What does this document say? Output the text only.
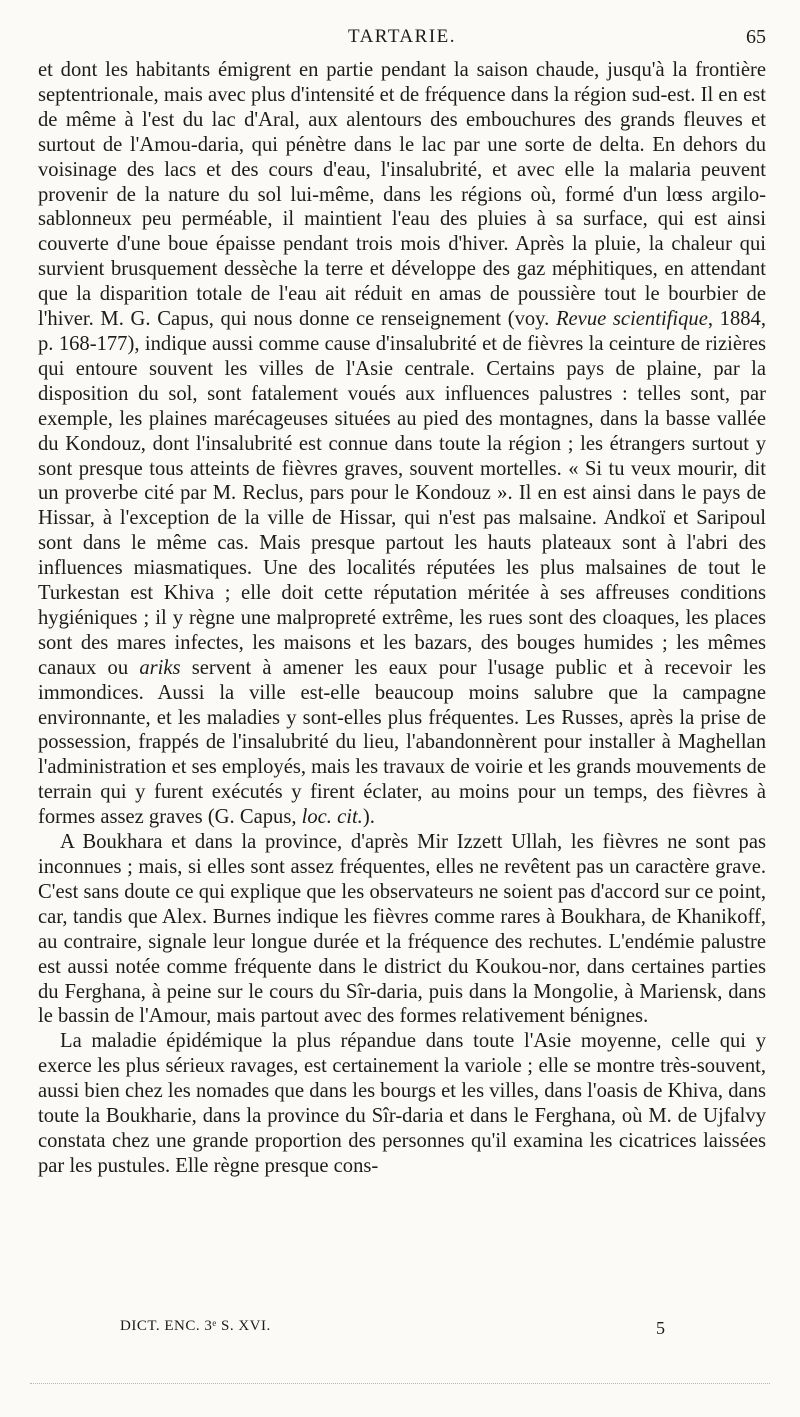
TARTARIE.	65

et dont les habitants émigrent en partie pendant la saison chaude, jusqu'à la frontière septentrionale, mais avec plus d'intensité et de fréquence dans la région sud-est. Il en est de même à l'est du lac d'Aral, aux alentours des embouchures des grands fleuves et surtout de l'Amou-daria, qui pénètre dans le lac par une sorte de delta. En dehors du voisinage des lacs et des cours d'eau, l'insalubrité, et avec elle la malaria peuvent provenir de la nature du sol lui-même, dans les régions où, formé d'un lœss argilo-sablonneux peu perméable, il maintient l'eau des pluies à sa surface, qui est ainsi couverte d'une boue épaisse pendant trois mois d'hiver. Après la pluie, la chaleur qui survient brusquement dessèche la terre et développe des gaz méphitiques, en attendant que la disparition totale de l'eau ait réduit en amas de poussière tout le bourbier de l'hiver. M. G. Capus, qui nous donne ce renseignement (voy. Revue scientifique, 1884, p. 168-177), indique aussi comme cause d'insalubrité et de fièvres la ceinture de rizières qui entoure souvent les villes de l'Asie centrale. Certains pays de plaine, par la disposition du sol, sont fatalement voués aux influences palustres : telles sont, par exemple, les plaines marécageuses situées au pied des montagnes, dans la basse vallée du Kondouz, dont l'insalubrité est connue dans toute la région ; les étrangers surtout y sont presque tous atteints de fièvres graves, souvent mortelles. « Si tu veux mourir, dit un proverbe cité par M. Reclus, pars pour le Kondouz ». Il en est ainsi dans le pays de Hissar, à l'exception de la ville de Hissar, qui n'est pas malsaine. Andkoï et Saripoul sont dans le même cas. Mais presque partout les hauts plateaux sont à l'abri des influences miasmatiques. Une des localités réputées les plus malsaines de tout le Turkestan est Khiva ; elle doit cette réputation méritée à ses affreuses conditions hygiéniques ; il y règne une malpropreté extrême, les rues sont des cloaques, les places sont des mares infectes, les maisons et les bazars, des bouges humides ; les mêmes canaux ou ariks servent à amener les eaux pour l'usage public et à recevoir les immondices. Aussi la ville est-elle beaucoup moins salubre que la campagne environnante, et les maladies y sont-elles plus fréquentes. Les Russes, après la prise de possession, frappés de l'insalubrité du lieu, l'abandonnèrent pour installer à Maghellan l'administration et ses employés, mais les travaux de voirie et les grands mouvements de terrain qui y furent exécutés y firent éclater, au moins pour un temps, des fièvres à formes assez graves (G. Capus, loc. cit.).

A Boukhara et dans la province, d'après Mir Izzett Ullah, les fièvres ne sont pas inconnues ; mais, si elles sont assez fréquentes, elles ne revêtent pas un caractère grave. C'est sans doute ce qui explique que les observateurs ne soient pas d'accord sur ce point, car, tandis que Alex. Burnes indique les fièvres comme rares à Boukhara, de Khanikoff, au contraire, signale leur longue durée et la fréquence des rechutes. L'endémie palustre est aussi notée comme fréquente dans le district du Koukou-nor, dans certaines parties du Ferghana, à peine sur le cours du Sîr-daria, puis dans la Mongolie, à Mariensk, dans le bassin de l'Amour, mais partout avec des formes relativement bénignes.

La maladie épidémique la plus répandue dans toute l'Asie moyenne, celle qui y exerce les plus sérieux ravages, est certainement la variole ; elle se montre très-souvent, aussi bien chez les nomades que dans les bourgs et les villes, dans l'oasis de Khiva, dans toute la Boukharie, dans la province du Sîr-daria et dans le Ferghana, où M. de Ujfalvy constata chez une grande proportion des personnes qu'il examina les cicatrices laissées par les pustules. Elle règne presque cons-

DICT. ENC. 3ᵉ S. XVI.	5
